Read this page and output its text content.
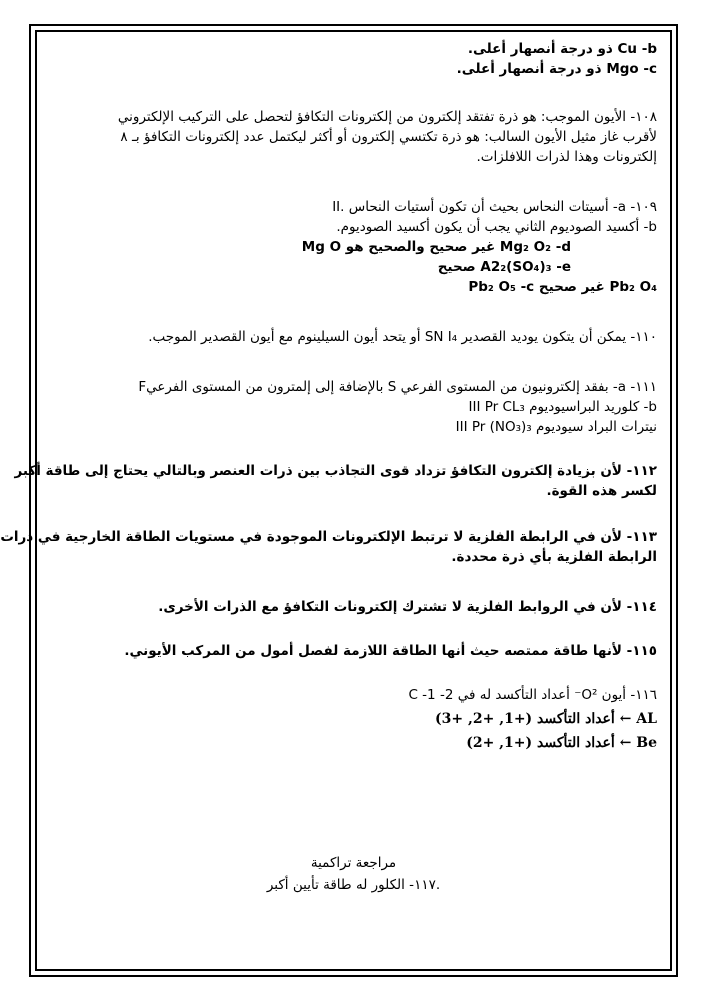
Cu -b ذو درجة أنصهار أعلى.
Mgo -c ذو درجة أنصهار أعلى.
١٠٨- الأيون الموجب: هو ذرة تفتقد إلكترون من إلكترونات التكافؤ لتحصل على التركيب الإلكتروني
لأقرب غاز مثيل الأيون السالب: هو ذرة تكتسي إلكترون أو أكثر ليكتمل عدد إلكترونات التكافؤ بـ ٨
إلكترونات وهذا لذرات اللافلزات.
١٠٩- a- أسيتات النحاس بحيث أن تكون أستيات النحاس .II
b- أكسيد الصوديوم الثاني يجب أن يكون أكسيد الصوديوم.
Mg₂ O₂ -d غير صحيح والصحيح هو Mg O
A2₂(SO₄)₃ -e صحيح
Pb₂ O₄ غير صحيح Pb₂ O₅ -c
١١٠- يمكن أن يتكون يوديد القصدير SN I₄ أو يتحد أيون السيلينوم مع أيون القصدير الموجب.
١١١- a- بفقد إلكترونيون من المستوى الفرعي S بالإضافة إلى إلمترون من المستوى الفرعيF
b- كلوريد البراسيوديوم III Pr CL₃
نيترات البراد سيوديوم III Pr (NO₃)₃
١١٢- لأن بزيادة إلكترون التكافؤ تزداد قوى التجاذب بين ذرات العنصر وبالتالي يحتاج إلى طاقة أكبر
لكسر هذه القوة.
١١٣- لأن في الرابطة الفلزية لا ترتبط الإلكترونات الموجودة في مستويات الطاقة الخارجية في ذرات
الرابطة الفلزية بأي ذرة محددة.
١١٤- لأن في الروابط الفلزية لا تشترك إلكترونات التكافؤ مع الذرات الأخرى.
١١٥- لأنها طاقة ممتصه حيث أنها الطاقة اللازمة لفصل أمول من المركب الأيوني.
١١٦- أيون O²⁻ أعداد التأكسد له في 2- C -1
AL ← أعداد التأكسد (+1, +2, +3)
Be ← أعداد التأكسد (+1, +2)
مراجعة تراكمية
١١٧- الكلور له طاقة تأيين أكبر.
